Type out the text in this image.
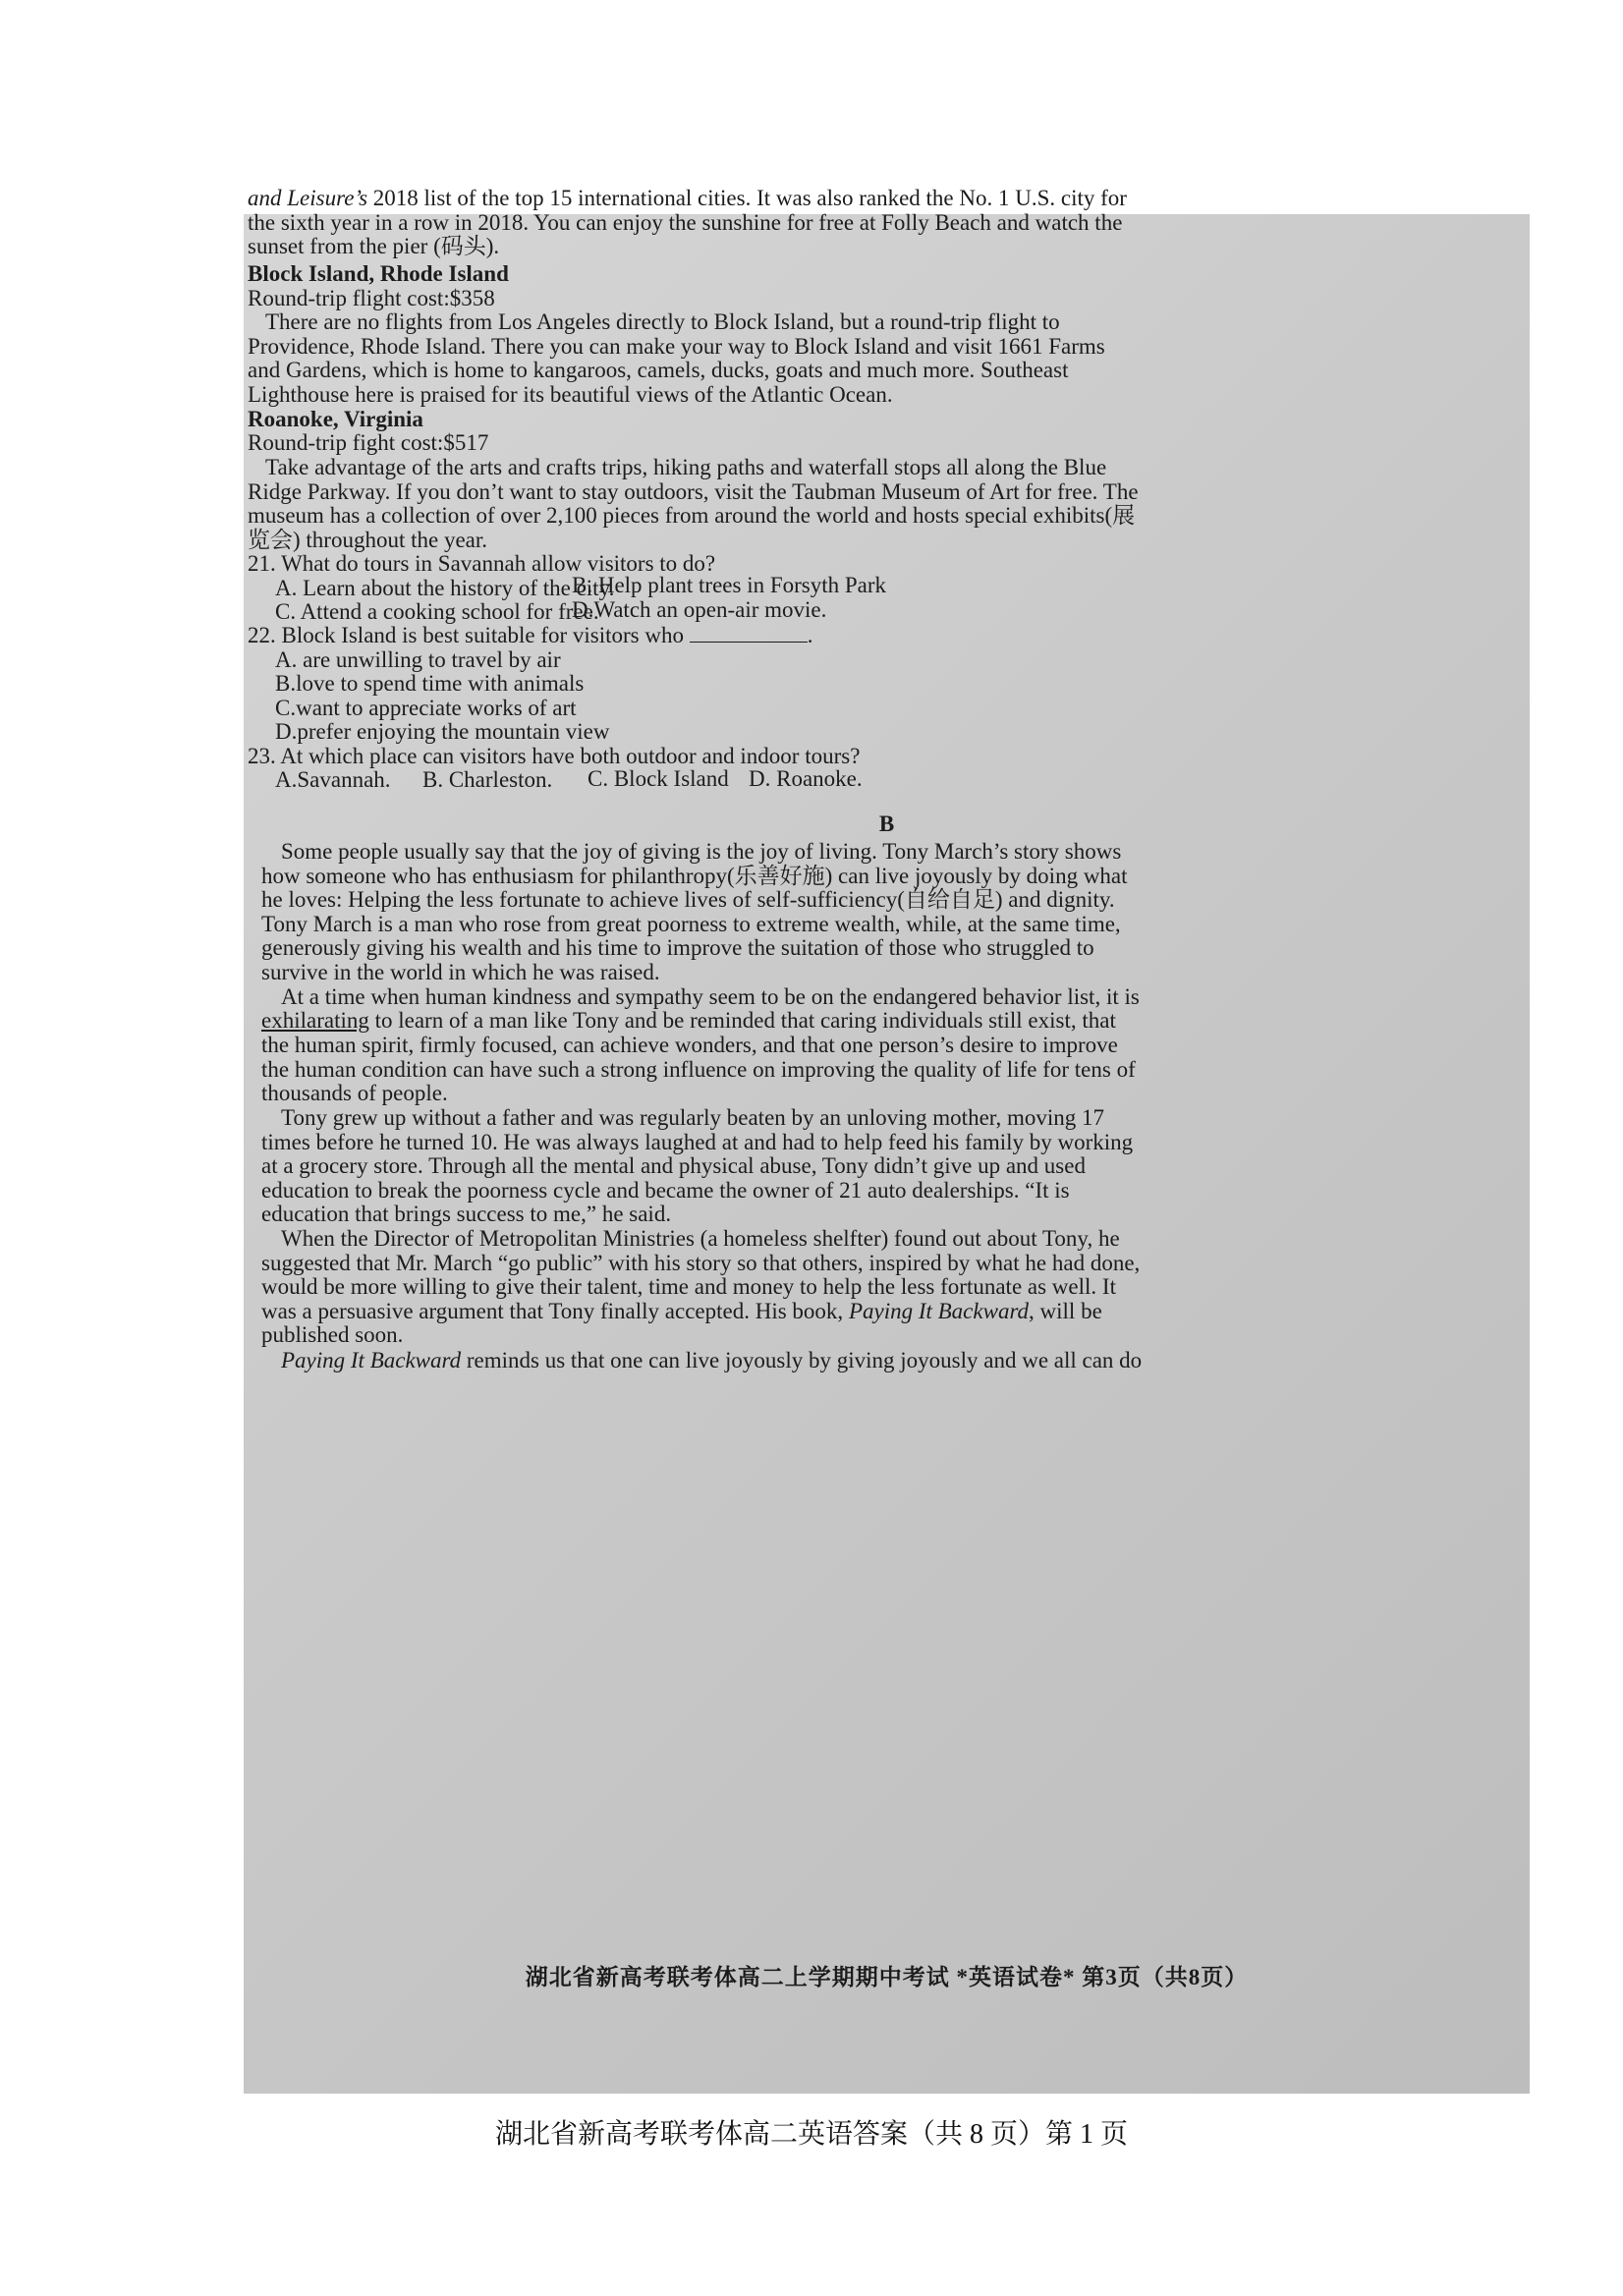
and Leisure’s 2018 list of the top 15 international cities. It was also ranked the No. 1 U.S. city for
the sixth year in a row in 2018. You can enjoy the sunshine for free at Folly Beach and watch the
sunset from the pier (码头).
Block Island, Rhode Island
Round-trip flight cost:$358
There are no flights from Los Angeles directly to Block Island, but a round-trip flight to
Providence, Rhode Island. There you can make your way to Block Island and visit 1661 Farms
and Gardens, which is home to kangaroos, camels, ducks, goats and much more. Southeast
Lighthouse here is praised for its beautiful views of the Atlantic Ocean.
Roanoke, Virginia
Round-trip fight cost:$517
Take advantage of the arts and crafts trips, hiking paths and waterfall stops all along the Blue
Ridge Parkway. If you don’t want to stay outdoors, visit the Taubman Museum of Art for free. The
museum has a collection of over 2,100 pieces from around the world and hosts special exhibits(展
览会) throughout the year.
21. What do tours in Savannah allow visitors to do?
A. Learn about the history of the city.
B. Help plant trees in Forsyth Park
C. Attend a cooking school for free.
D.Watch an open-air movie.
22. Block Island is best suitable for visitors who	.
A. are unwilling to travel by air
B.love to spend time with animals
C.want to appreciate works of art
D.prefer enjoying the mountain view
23. At which place can visitors have both outdoor and indoor tours?
A.Savannah. B. Charleston. C. Block Island D. Roanoke.
B
Some people usually say that the joy of giving is the joy of living. Tony March’s story shows
how someone who has enthusiasm for philanthropy(乐善好施) can live joyously by doing what
he loves: Helping the less fortunate to achieve lives of self-sufficiency(自给自足) and dignity.
Tony March is a man who rose from great poorness to extreme wealth, while, at the same time,
generously giving his wealth and his time to improve the suitation of those who struggled to
survive in the world in which he was raised.
At a time when human kindness and sympathy seem to be on the endangered behavior list, it is
exhilarating to learn of a man like Tony and be reminded that caring individuals still exist, that
the human spirit, firmly focused, can achieve wonders, and that one person’s desire to improve
the human condition can have such a strong influence on improving the quality of life for tens of
thousands of people.
Tony grew up without a father and was regularly beaten by an unloving mother, moving 17
times before he turned 10. He was always laughed at and had to help feed his family by working
at a grocery store. Through all the mental and physical abuse, Tony didn’t give up and used
education to break the poorness cycle and became the owner of 21 auto dealerships. “It is
education that brings success to me,” he said.
When the Director of Metropolitan Ministries (a homeless shelfter) found out about Tony, he
suggested that Mr. March “go public” with his story so that others, inspired by what he had done,
would be more willing to give their talent, time and money to help the less fortunate as well. It
was a persuasive argument that Tony finally accepted. His book, Paying It Backward, will be
published soon.
Paying It Backward reminds us that one can live joyously by giving joyously and we all can do
湖北省新高考联考体高二上学期期中考试 *英语试卷* 第3页（共8页）
湖北省新高考联考体高二英语答案（共 8 页）第 1 页
